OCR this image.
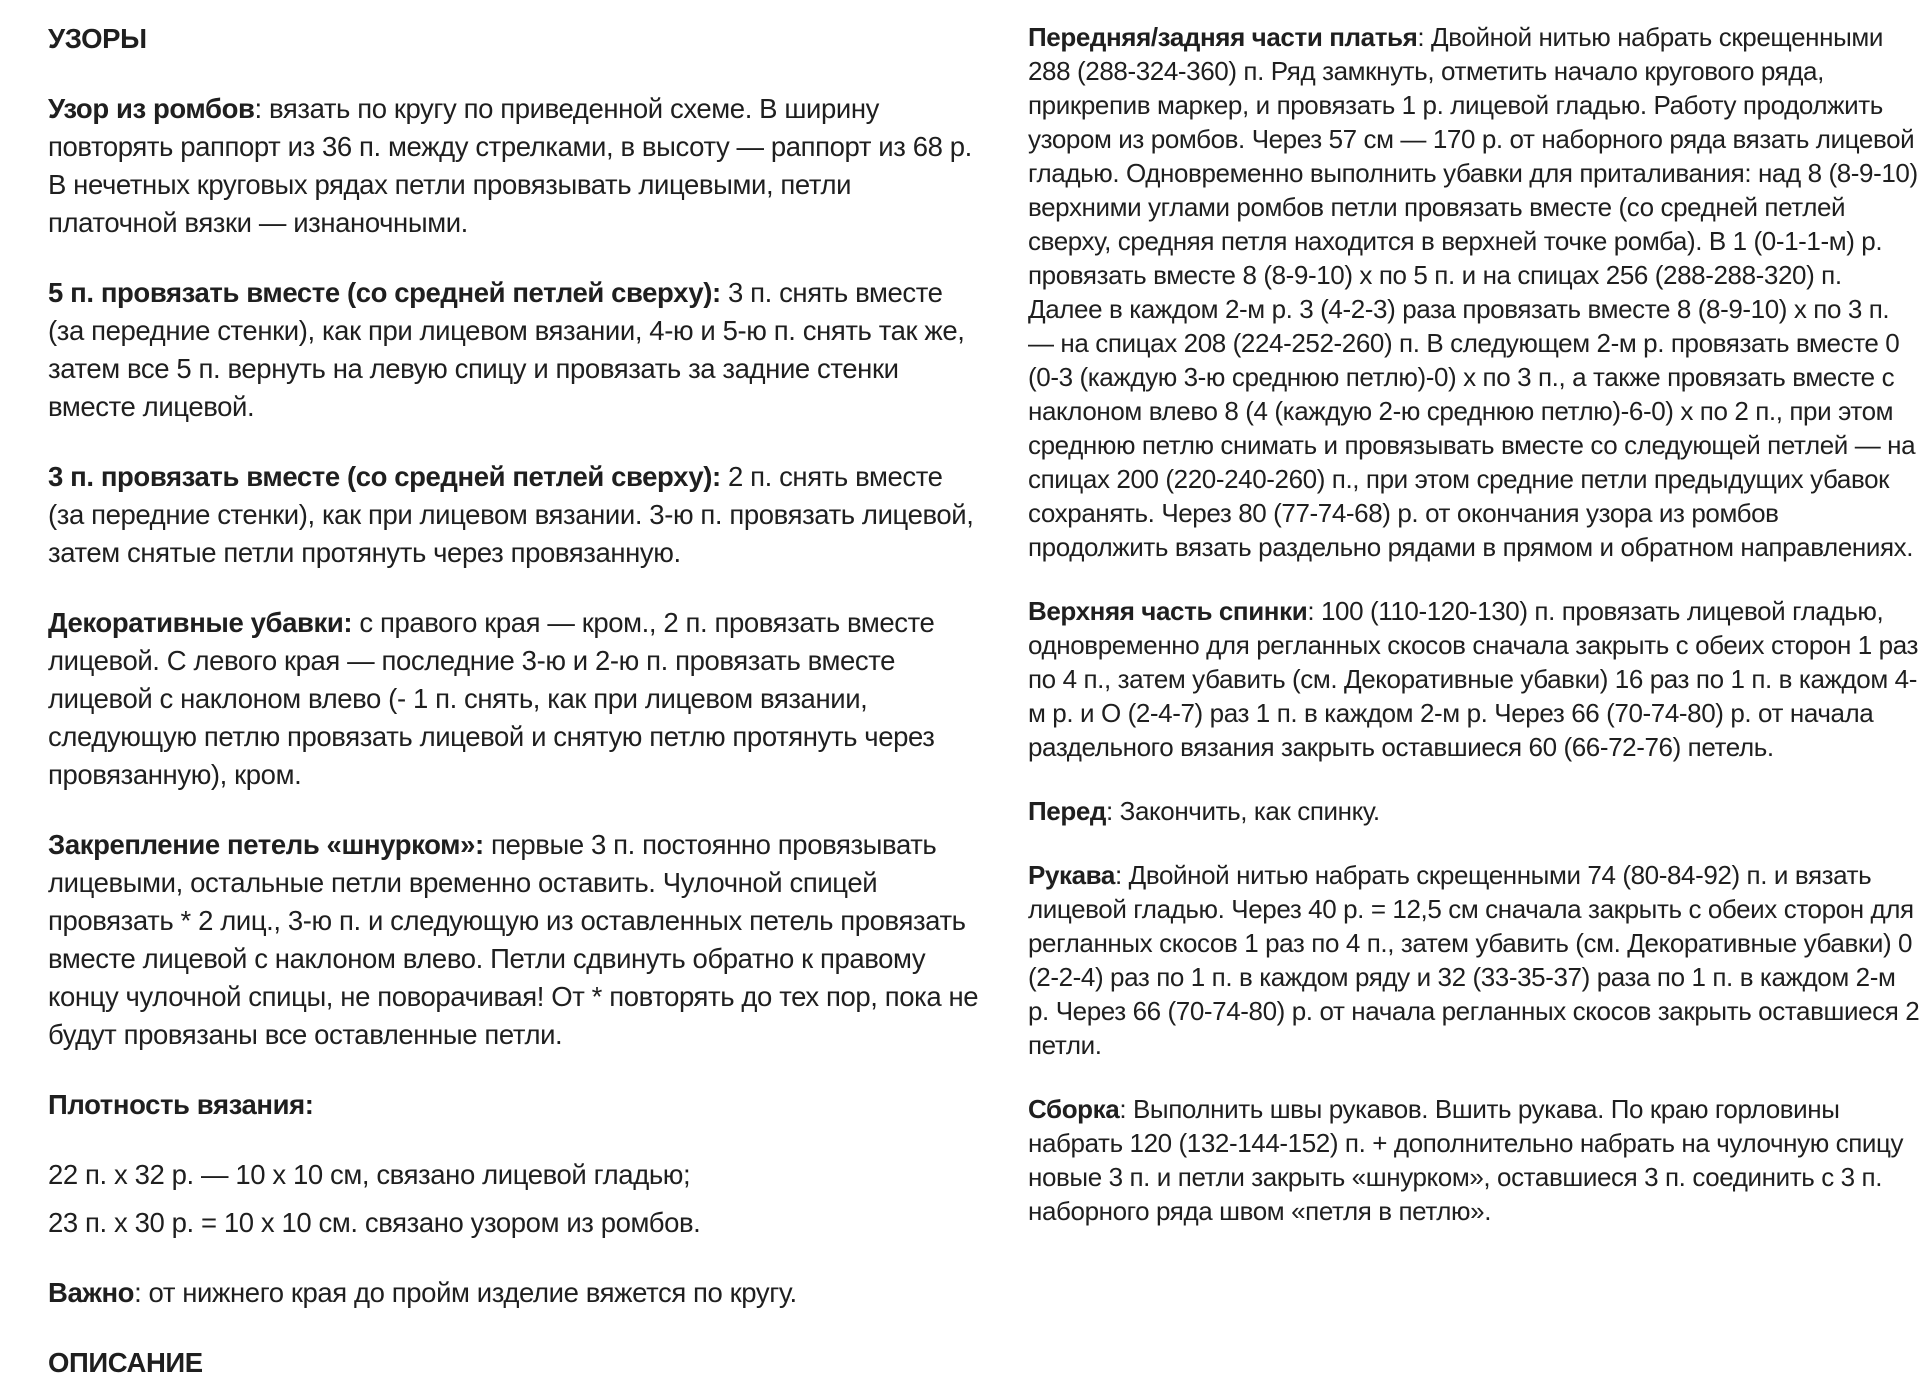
УЗОРЫ

Узор из ромбов: вязать по кругу по приведенной схеме. В ширину повторять раппорт из 36 п. между стрелками, в высоту — раппорт из 68 р. В нечетных круговых рядах петли провязывать лицевыми, петли платочной вязки — изнаночными.

5 п. провязать вместе (со средней петлей сверху): 3 п. снять вместе (за передние стенки), как при лицевом вязании, 4-ю и 5-ю п. снять так же, затем все 5 п. вернуть на левую спицу и провязать за задние стенки вместе лицевой.

3 п. провязать вместе (со средней петлей сверху): 2 п. снять вместе (за передние стенки), как при лицевом вязании. 3-ю п. провязать лицевой, затем снятые петли протянуть через провязанную.

Декоративные убавки: с правого края — кром., 2 п. провязать вместе лицевой. С левого края — последние 3-ю и 2-ю п. провязать вместе лицевой с наклоном влево (- 1 п. снять, как при лицевом вязании, следующую петлю провязать лицевой и снятую петлю протянуть через провязанную), кром.

Закрепление петель «шнурком»: первые 3 п. постоянно провязывать лицевыми, остальные петли временно оставить. Чулочной спицей провязать * 2 лиц., 3-ю п. и следующую из оставленных петель провязать вместе лицевой с наклоном влево. Петли сдвинуть обратно к правому концу чулочной спицы, не поворачивая! От * повторять до тех пор, пока не будут провязаны все оставленные петли.

Плотность вязания:
22 п. x 32 р. — 10 x 10 см, связано лицевой гладью;
23 п. x 30 р. = 10 x 10 см. связано узором из ромбов.

Важно: от нижнего края до пройм изделие вяжется по кругу.

ОПИСАНИЕ

Передняя/задняя части платья: Двойной нитью набрать скрещенными 288 (288-324-360) п. Ряд замкнуть, отметить начало кругового ряда, прикрепив маркер, и провязать 1 р. лицевой гладью. Работу продолжить узором из ромбов. Через 57 см — 170 р. от наборного ряда вязать лицевой гладью. Одновременно выполнить убавки для приталивания: над 8 (8-9-10) верхними углами ромбов петли провязать вместе (со средней петлей сверху, средняя петля находится в верхней точке ромба). В 1 (0-1-1-м) р. провязать вместе 8 (8-9-10) х по 5 п. и на спицах 256 (288-288-320) п.
Далее в каждом 2-м р. 3 (4-2-3) раза провязать вместе 8 (8-9-10) х по 3 п. — на спицах 208 (224-252-260) п. В следующем 2-м р. провязать вместе 0 (0-3 (каждую 3-ю среднюю петлю)-0) х по 3 п., а также провязать вместе с наклоном влево 8 (4 (каждую 2-ю среднюю петлю)-6-0) х по 2 п., при этом среднюю петлю снимать и провязывать вместе со следующей петлей — на спицах 200 (220-240-260) п., при этом средние петли предыдущих убавок сохранять. Через 80 (77-74-68) р. от окончания узора из ромбов продолжить вязать раздельно рядами в прямом и обратном направлениях.

Верхняя часть спинки: 100 (110-120-130) п. провязать лицевой гладью, одновременно для регланных скосов сначала закрыть с обеих сторон 1 раз по 4 п., затем убавить (см. Декоративные убавки) 16 раз по 1 п. в каждом 4-м р. и О (2-4-7) раз 1 п. в каждом 2-м р. Через 66 (70-74-80) р. от начала раздельного вязания закрыть оставшиеся 60 (66-72-76) петель.

Перед: Закончить, как спинку.

Рукава: Двойной нитью набрать скрещенными 74 (80-84-92) п. и вязать лицевой гладью. Через 40 р. = 12,5 см сначала закрыть с обеих сторон для регланных скосов 1 раз по 4 п., затем убавить (см. Декоративные убавки) 0 (2-2-4) раз по 1 п. в каждом ряду и 32 (33-35-37) раза по 1 п. в каждом 2-м р. Через 66 (70-74-80) р. от начала регланных скосов закрыть оставшиеся 2 петли.

Сборка: Выполнить швы рукавов. Вшить рукава. По краю горловины набрать 120 (132-144-152) п. + дополнительно набрать на чулочную спицу новые 3 п. и петли закрыть «шнурком», оставшиеся 3 п. соединить с 3 п. наборного ряда швом «петля в петлю».
